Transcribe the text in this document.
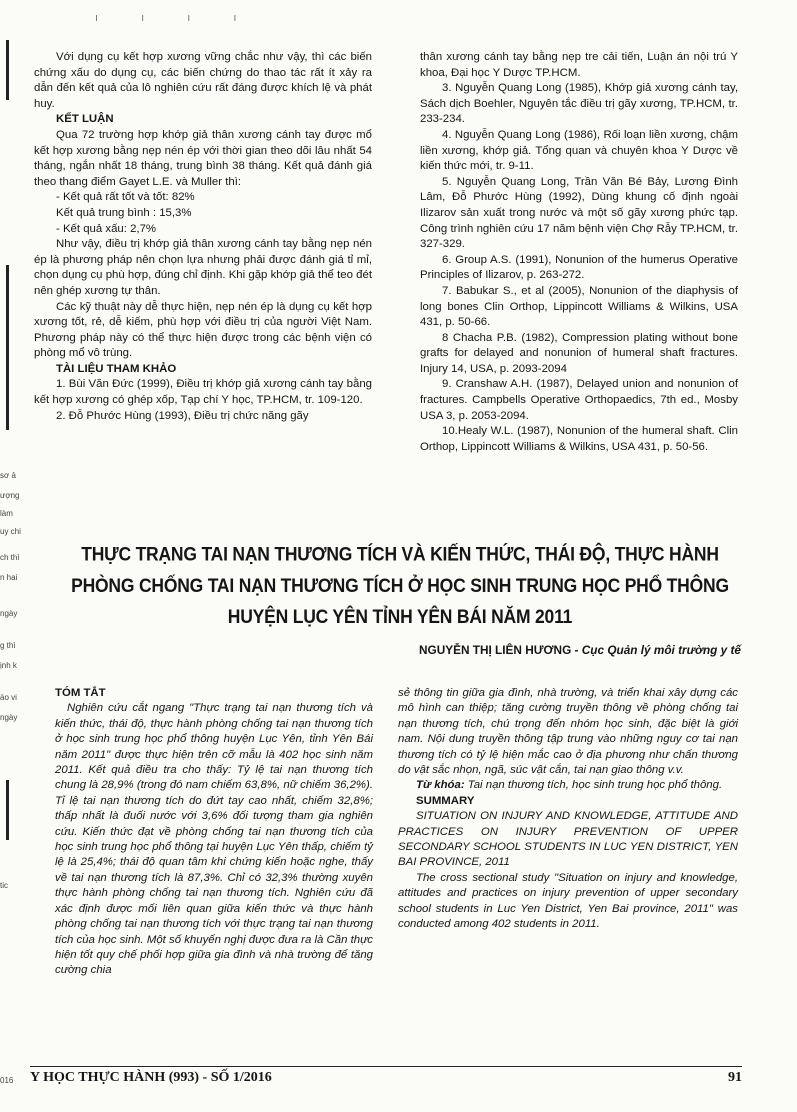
ı ı ı ı
sơ ả
ượng
làm
uy chi
ch thì
n hai
ngày
g thì
ịnh k
ào vi
ngày
tic
016

Với dụng cụ kết hợp xương vững chắc như vậy, thì các biến chứng xấu do dụng cụ, các biến chứng do thao tác rất ít xảy ra dẫn đến kết quả của lô nghiên cứu rất đáng được khích lệ và phát huy.

KẾT LUẬN

Qua 72 trường hợp khớp giả thân xương cánh tay được mổ kết hợp xương bằng nẹp nén ép với thời gian theo dõi lâu nhất 54 tháng, ngắn nhất 18 tháng, trung bình 38 tháng. Kết quả đánh giá theo thang điểm Gayet L.E. và Muller thì:

- Kết quả rất tốt và tốt: 82%

Kết quả trung bình : 15,3%

- Kết quả xấu: 2,7%

Như vậy, điều trị khớp giả thân xương cánh tay bằng nẹp nén ép là phương pháp nên chọn lựa nhưng phải được đánh giá tỉ mỉ, chọn dụng cụ phù hợp, đúng chỉ định. Khi gặp khớp giả thể teo đét nên ghép xương tự thân.

Các kỹ thuật này dễ thực hiện, nẹp nén ép là dụng cụ kết hợp xương tốt, rẻ, dễ kiếm, phù hợp với điều trị của người Việt Nam. Phương pháp này có thể thực hiện được trong các bệnh viện có phòng mổ vô trùng.

TÀI LIỆU THAM KHẢO

1. Bùi Văn Đức (1999), Điều trị khớp giả xương cánh tay bằng kết hợp xương có ghép xốp, Tạp chí Y học, TP.HCM, tr. 109-120.

2. Đỗ Phước Hùng (1993), Điều trị chức năng gãy

thân xương cánh tay bằng nẹp tre cải tiến, Luận án nội trú Y khoa, Đại học Y Dược TP.HCM.

3. Nguyễn Quang Long (1985), Khớp giả xương cánh tay, Sách dịch Boehler, Nguyên tắc điều trị gãy xương, TP.HCM, tr. 233-234.

4. Nguyễn Quang Long (1986), Rối loạn liền xương, chậm liền xương, khớp giả. Tổng quan và chuyên khoa Y Dược về kiến thức mới, tr. 9-11.

5. Nguyễn Quang Long, Trần Văn Bé Bảy, Lương Đình Lâm, Đỗ Phước Hùng (1992), Dùng khung cố định ngoài Ilizarov sản xuất trong nước và một số gãy xương phức tạp. Công trình nghiên cứu 17 năm bệnh viện Chợ Rẫy TP.HCM, tr. 327-329.

6. Group A.S. (1991), Nonunion of the humerus Operative Principles of Ilizarov, p. 263-272.

7. Babukar S., et al (2005), Nonunion of the diaphysis of long bones Clin Orthop, Lippincott Williams & Wilkins, USA 431, p. 50-66.

8 Chacha P.B. (1982), Compression plating without bone grafts for delayed and nonunion of humeral shaft fractures. Injury 14, USA, p. 2093-2094

9. Cranshaw A.H. (1987), Delayed union and nonunion of fractures. Campbells Operative Orthopaedics, 7th ed., Mosby USA 3, p. 2053-2094.

10.Healy W.L. (1987), Nonunion of the humeral shaft. Clin Orthop, Lippincott Williams & Wilkins, USA 431, p. 50-56.

THỰC TRẠNG TAI NẠN THƯƠNG TÍCH VÀ KIẾN THỨC, THÁI ĐỘ, THỰC HÀNH
PHÒNG CHỐNG TAI NẠN THƯƠNG TÍCH Ở HỌC SINH TRUNG HỌC PHỔ THÔNG
HUYỆN LỤC YÊN TỈNH YÊN BÁI NĂM 2011
NGUYỄN THỊ LIÊN HƯƠNG - Cục Quản lý môi trường y tế

TÓM TẮT

Nghiên cứu cắt ngang "Thực trạng tai nạn thương tích và kiến thức, thái độ, thực hành phòng chống tai nạn thương tích ở học sinh trung học phổ thông huyện Lục Yên, tỉnh Yên Bái năm 2011" được thực hiện trên cỡ mẫu là 402 học sinh năm 2011. Kết quả điều tra cho thấy: Tỷ lệ tai nạn thương tích chung là 28,9% (trong đó nam chiếm 63,8%, nữ chiếm 36,2%). Tỉ lệ tai nạn thương tích do đứt tay cao nhất, chiếm 32,8%; thấp nhất là đuối nước với 3,6% đối tượng tham gia nghiên cứu. Kiến thức đạt về phòng chống tai nạn thương tích của học sinh trung học phổ thông tại huyện Lục Yên thấp, chiếm tỷ lệ là 25,4%; thái độ quan tâm khi chứng kiến hoặc nghe, thấy về tai nạn thương tích là 87,3%. Chỉ có 32,3% thường xuyên thực hành phòng chống tai nạn thương tích. Nghiên cứu đã xác định được mối liên quan giữa kiến thức và thực hành phòng chống tai nạn thương tích với thực trạng tai nạn thương tích của học sinh. Một số khuyến nghị được đưa ra là Cần thực hiện tốt quy chế phối hợp giữa gia đình và nhà trường để tăng cường chia

sẻ thông tin giữa gia đình, nhà trường, và triển khai xây dựng các mô hình can thiệp; tăng cường truyền thông về phòng chống tai nạn thương tích, chú trọng đến nhóm học sinh, đặc biệt là giới nam. Nội dung truyền thông tập trung vào những nguy cơ tai nạn thương tích có tỷ lệ hiện mắc cao ở địa phương như chấn thương do vật sắc nhọn, ngã, súc vật cắn, tai nạn giao thông v.v.

Từ khóa: Tai nạn thương tích, học sinh trung học phổ thông.

SUMMARY

SITUATION ON INJURY AND KNOWLEDGE, ATTITUDE AND PRACTICES ON INJURY PREVENTION OF UPPER SECONDARY SCHOOL STUDENTS IN LUC YEN DISTRICT, YEN BAI PROVINCE, 2011

The cross sectional study "Situation on injury and knowledge, attitudes and practices on injury prevention of upper secondary school students in Luc Yen District, Yen Bai province, 2011" was conducted among 402 students in 2011.

Y HỌC THỰC HÀNH (993) - SỐ 1/2016	91
